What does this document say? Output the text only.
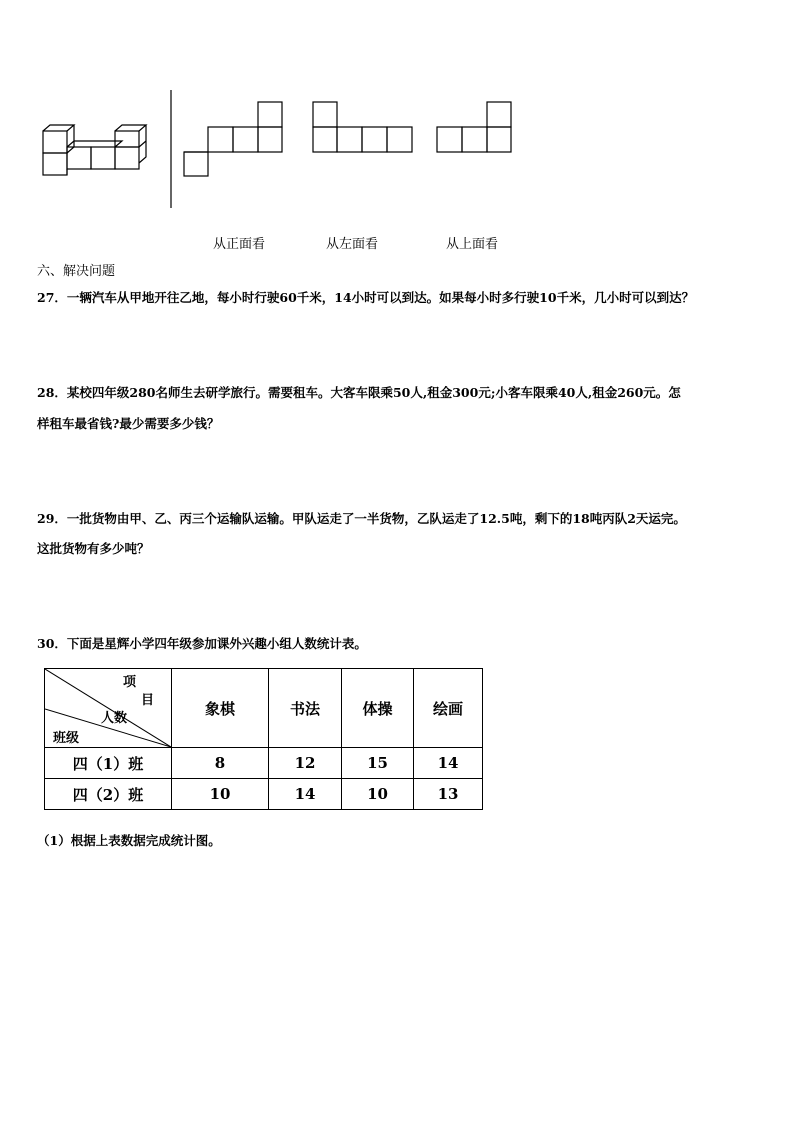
从正面看	从左面看	从上面看
六、解决问题
27．一辆汽车从甲地开往乙地，每小时行驶60千米，14小时可以到达。如果每小时多行驶10千米，几小时可以到达？
28．某校四年级280名师生去研学旅行。需要租车。大客车限乘50人,租金300元;小客车限乘40人,租金260元。怎
样租车最省钱?最少需要多少钱？
29．一批货物由甲、乙、丙三个运输队运输。甲队运走了一半货物，乙队运走了12.5吨，剩下的18吨丙队2天运完。
这批货物有多少吨？
30．下面是星辉小学四年级参加课外兴趣小组人数统计表。
项
目
人数
班级	象棋	书法	体操	绘画
四（1）班	8	12	15	14
四（2）班	10	14	10	13
（1）根据上表数据完成统计图。
